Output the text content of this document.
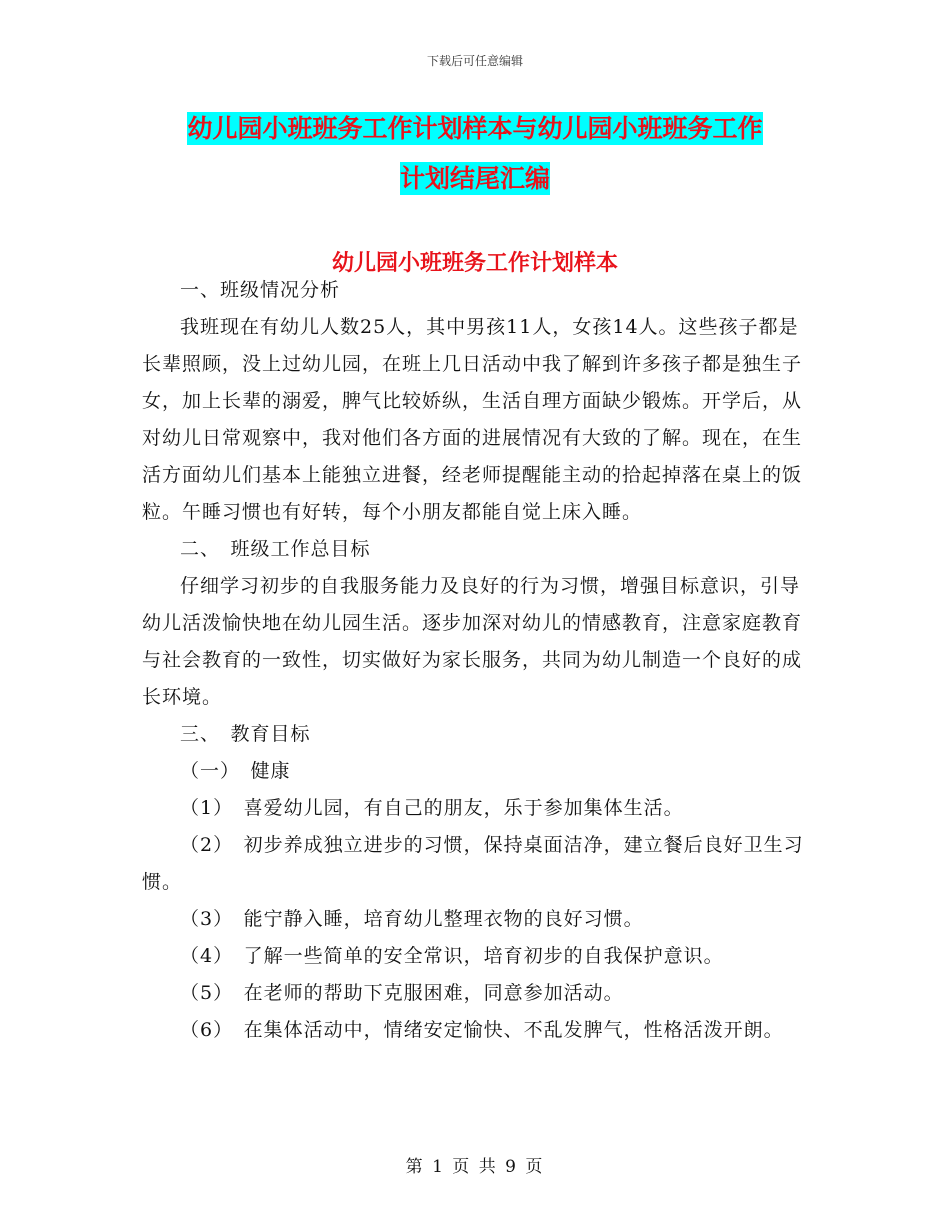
下载后可任意编辑
幼儿园小班班务工作计划样本与幼儿园小班班务工作
计划结尾汇编
幼儿园小班班务工作计划样本

一、班级情况分析

我班现在有幼儿人数25人，其中男孩11人，女孩14人。这些孩子都是长辈照顾，没上过幼儿园，在班上几日活动中我了解到许多孩子都是独生子女，加上长辈的溺爱，脾气比较娇纵，生活自理方面缺少锻炼。开学后，从对幼儿日常观察中，我对他们各方面的进展情况有大致的了解。现在，在生活方面幼儿们基本上能独立进餐，经老师提醒能主动的拾起掉落在桌上的饭粒。午睡习惯也有好转，每个小朋友都能自觉上床入睡。

二、　班级工作总目标

仔细学习初步的自我服务能力及良好的行为习惯，增强目标意识，引导幼儿活泼愉快地在幼儿园生活。逐步加深对幼儿的情感教育，注意家庭教育与社会教育的一致性，切实做好为家长服务，共同为幼儿制造一个良好的成长环境。

三、　教育目标

（一）　健康

（1）　喜爱幼儿园，有自己的朋友，乐于参加集体生活。

（2）　初步养成独立进步的习惯，保持桌面洁净，建立餐后良好卫生习惯。

（3）　能宁静入睡，培育幼儿整理衣物的良好习惯。

（4）　了解一些简单的安全常识，培育初步的自我保护意识。

（5）　在老师的帮助下克服困难，同意参加活动。

（6）　在集体活动中，情绪安定愉快、不乱发脾气，性格活泼开朗。

第 1 页 共 9 页
